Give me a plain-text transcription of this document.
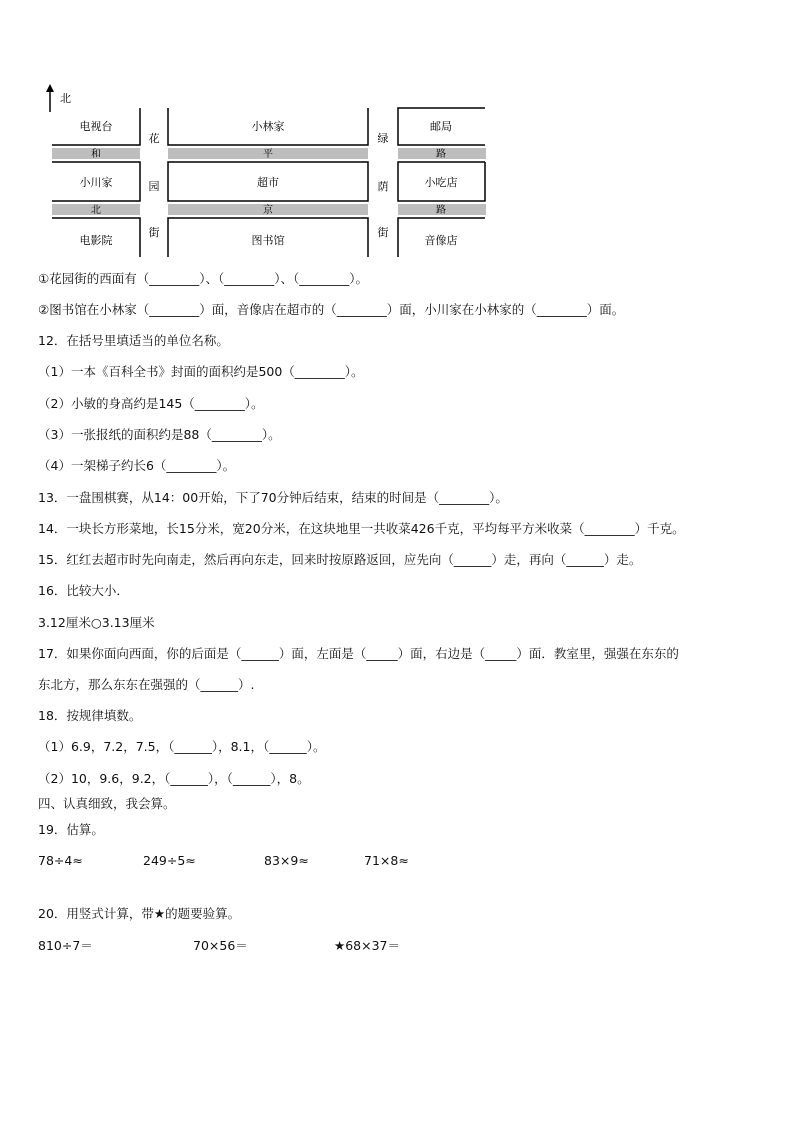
北
电视台	小林家	邮局
小川家	超市	小吃店
电影院	图书馆	音像店
和	平	路
北	京	路
花
园
街
绿
荫
街
①花园街的西面有（________）、（________）、（________）。
②图书馆在小林家（________）面，音像店在超市的（________）面，小川家在小林家的（________）面。
12．在括号里填适当的单位名称。
（1）一本《百科全书》封面的面积约是500（________）。
（2）小敏的身高约是145（________）。
（3）一张报纸的面积约是88（________）。
（4）一架梯子约长6（________）。
13．一盘围棋赛，从14：00开始，下了70分钟后结束，结束的时间是（________）。
14．一块长方形菜地，长15分米，宽20分米，在这块地里一共收菜426千克，平均每平方米收菜（________）千克。
15．红红去超市时先向南走，然后再向东走，回来时按原路返回，应先向（______）走，再向（______）走。
16．比较大小．
3.12厘米○3.13厘米
17．如果你面向西面，你的后面是（______）面，左面是（_____）面，右边是（_____）面．教室里，强强在东东的
东北方，那么东东在强强的（______）.
18．按规律填数。
（1）6.9，7.2，7.5，（______），8.1，（______）。
（2）10，9.6，9.2，（______），（______），8。
四、认真细致，我会算。
19．估算。
78÷4≈	249÷5≈	83×9≈	71×8≈
20．用竖式计算，带★的题要验算。
810÷7＝	70×56＝	★68×37＝
